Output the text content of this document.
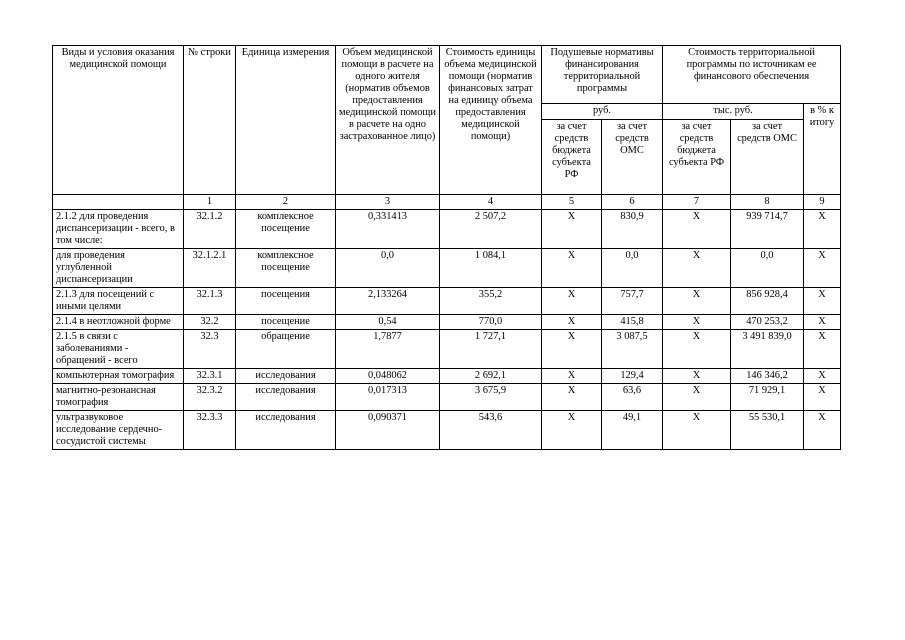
Виды и условия оказания медицинской помощи	№ строки	Единица измерения	Объем медицинской помощи в расчете на одного жителя (норматив объемов предоставления медицинской помощи в расчете на одно застрахованное лицо)	Стоимость единицы объема медицинской помощи (норматив финансовых затрат на единицу объема предоставления медицинской помощи)	Подушевые нормативы финансирования территориальной программы		Стоимость территориальной программы по источникам ее финансового обеспечения		
					руб.		тыс. руб.		в % к итогу
					за счет средств бюджета субъекта РФ	за счет средств ОМС	за счет средств бюджета субъекта РФ	за счет средств ОМС	
	1	2	3	4	5	6	7	8	9
2.1.2 для проведения диспансеризации - всего, в том числе:	32.1.2	комплексное посещение	0,331413	2 507,2	X	830,9	X	939 714,7	X
для проведения углубленной диспансеризации	32.1.2.1	комплексное посещение	0,0	1 084,1	X	0,0	X	0,0	X
2.1.3 для посещений с иными целями	32.1.3	посещения	2,133264	355,2	X	757,7	X	856 928,4	X
2.1.4 в неотложной форме	32.2	посещение	0,54	770,0	X	415,8	X	470 253,2	X
2.1.5 в связи с заболеваниями - обращений - всего	32.3	обращение	1,7877	1 727,1	X	3 087,5	X	3 491 839,0	X
компьютерная томография	32.3.1	исследования	0,048062	2 692,1	X	129,4	X	146 346,2	X
магнитно-резонансная томография	32.3.2	исследования	0,017313	3 675,9	X	63,6	X	71 929,1	X
ультразвуковое исследование сердечно-сосудистой системы	32.3.3	исследования	0,090371	543,6	X	49,1	X	55 530,1	X
